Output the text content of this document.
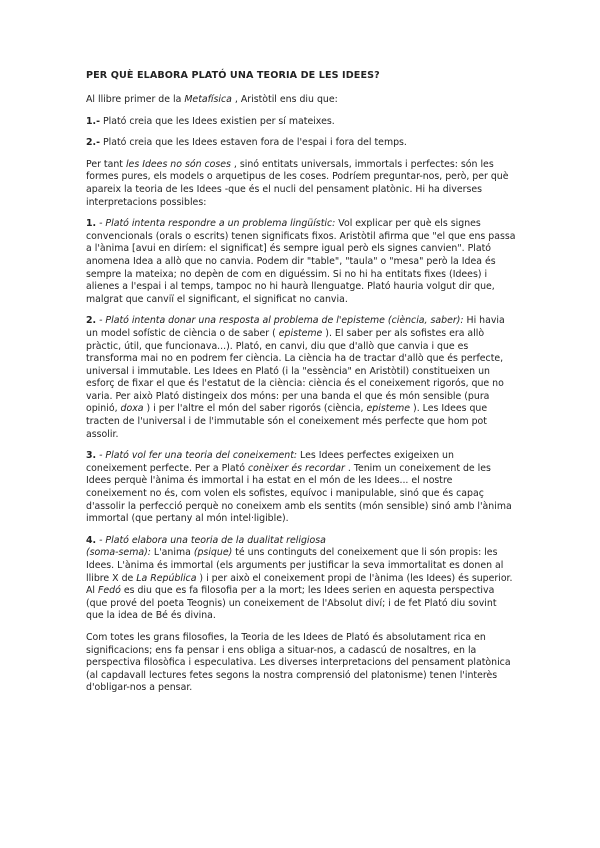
PER QUÈ ELABORA PLATÓ UNA TEORIA DE LES IDEES?

Al llibre primer de la Metafísica , Aristòtil ens diu que:

1.- Plató creia que les Idees existien per sí mateixes.

2.- Plató creia que les Idees estaven fora de l'espai i fora del temps.

Per tant les Idees no són coses , sinó entitats universals, immortals i perfectes: són les formes pures, els models o arquetipus de les coses. Podríem preguntar-nos, però, per què apareix la teoria de les Idees -que és el nucli del pensament platònic. Hi ha diverses interpretacions possibles:

1. - Plató intenta respondre a un problema lingüístic: Vol explicar per què els signes convencionals (orals o escrits) tenen significats fixos. Aristòtil afirma que "el que ens passa a l'ànima [avui en diríem: el significat] és sempre igual però els signes canvien". Plató anomena Idea a allò que no canvia. Podem dir "table", "taula" o "mesa" però la Idea és sempre la mateixa; no depèn de com en diguéssim. Si no hi ha entitats fixes (Idees) i alienes a l'espai i al temps, tampoc no hi haurà llenguatge. Plató hauria volgut dir que, malgrat que canviï el significant, el significat no canvia.

2. - Plató intenta donar una resposta al problema de l'episteme (ciència, saber): Hi havia un model sofístic de ciència o de saber ( episteme ). El saber per als sofistes era allò pràctic, útil, que funcionava...). Plató, en canvi, diu que d'allò que canvia i que es transforma mai no en podrem fer ciència. La ciència ha de tractar d'allò que és perfecte, universal i immutable. Les Idees en Plató (i la "essència" en Aristòtil) constitueixen un esforç de fixar el que és l'estatut de la ciència: ciència és el coneixement rigorós, que no varia. Per això Plató distingeix dos móns: per una banda el que és món sensible (pura opinió, doxa ) i per l'altre el món del saber rigorós (ciència, episteme ). Les Idees que tracten de l'universal i de l'immutable són el coneixement més perfecte que hom pot assolir.

3. - Plató vol fer una teoria del coneixement: Les Idees perfectes exigeixen un coneixement perfecte. Per a Plató conèixer és recordar . Tenim un coneixement de les Idees perquè l'ànima és immortal i ha estat en el món de les Idees... el nostre coneixement no és, com volen els sofistes, equívoc i manipulable, sinó que és capaç d'assolir la perfecció perquè no coneixem amb els sentits (món sensible) sinó amb l'ànima immortal (que pertany al món intel·ligible).

4. - Plató elabora una teoria de la dualitat religiosa
(soma-sema): L'anima (psique) té uns continguts del coneixement que li són propis: les Idees. L'ànima és immortal (els arguments per justificar la seva immortalitat es donen al llibre X de La República ) i per això el coneixement propi de l'ànima (les Idees) és superior. Al Fedó es diu que es fa filosofia per a la mort; les Idees serien en aquesta perspectiva (que prové del poeta Teognis) un coneixement de l'Absolut diví; i de fet Plató diu sovint que la idea de Bé és divina.

Com totes les grans filosofies, la Teoria de les Idees de Plató és absolutament rica en significacions; ens fa pensar i ens obliga a situar-nos, a cadascú de nosaltres, en la perspectiva filosòfica i especulativa. Les diverses interpretacions del pensament platònica (al capdavall lectures fetes segons la nostra comprensió del platonisme) tenen l'interès d'obligar-nos a pensar.
